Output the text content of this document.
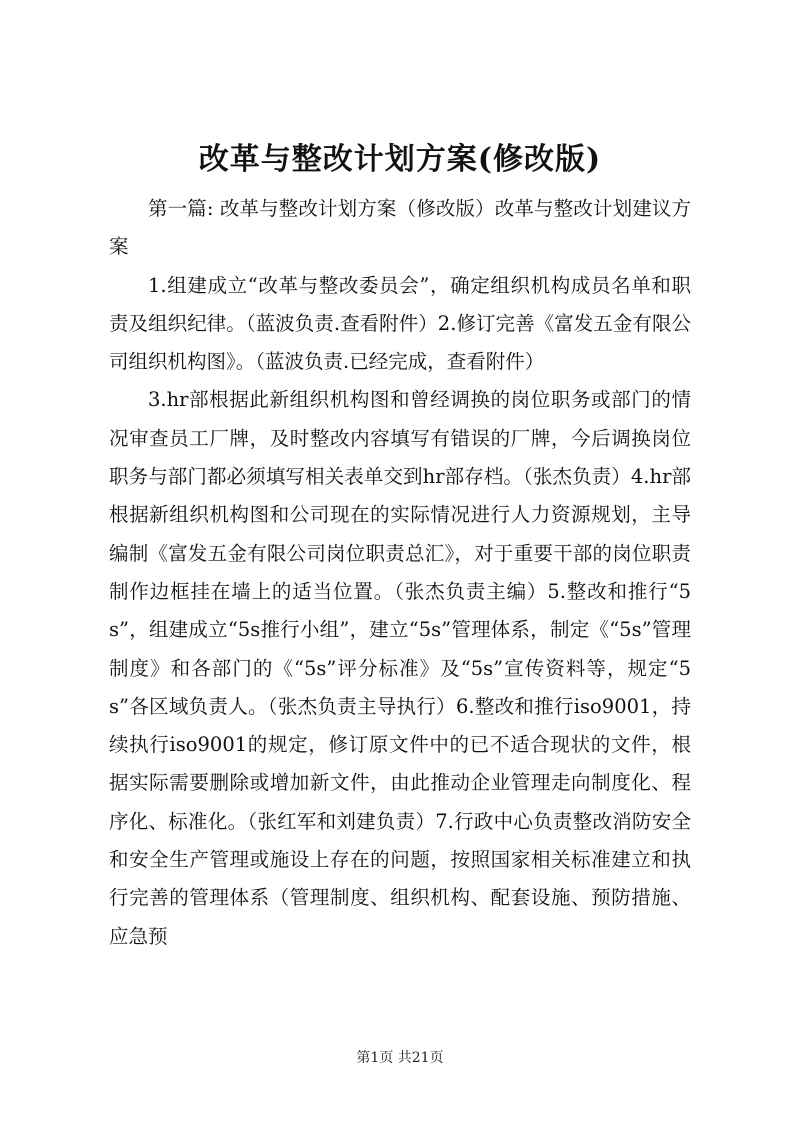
改革与整改计划方案(修改版)

第一篇: 改革与整改计划方案（修改版）改革与整改计划建议方案

1.组建成立“改革与整改委员会”，确定组织机构成员名单和职责及组织纪律。（蓝波负责.查看附件）2.修订完善《富发五金有限公司组织机构图》。（蓝波负责.已经完成，查看附件）

3.hr部根据此新组织机构图和曾经调换的岗位职务或部门的情况审查员工厂牌，及时整改内容填写有错误的厂牌，今后调换岗位职务与部门都必须填写相关表单交到hr部存档。（张杰负责）4.hr部根据新组织机构图和公司现在的实际情况进行人力资源规划，主导编制《富发五金有限公司岗位职责总汇》，对于重要干部的岗位职责制作边框挂在墙上的适当位置。（张杰负责主编）5.整改和推行“5s”，组建成立“5s推行小组”，建立“5s”管理体系，制定《“5s”管理制度》和各部门的《“5s”评分标准》及“5s”宣传资料等，规定“5s”各区域负责人。（张杰负责主导执行）6.整改和推行iso9001，持续执行iso9001的规定，修订原文件中的已不适合现状的文件，根据实际需要删除或增加新文件，由此推动企业管理走向制度化、程序化、标准化。（张红军和刘建负责）7.行政中心负责整改消防安全和安全生产管理或施设上存在的问题，按照国家相关标准建立和执行完善的管理体系（管理制度、组织机构、配套设施、预防措施、应急预

第1页 共21页
